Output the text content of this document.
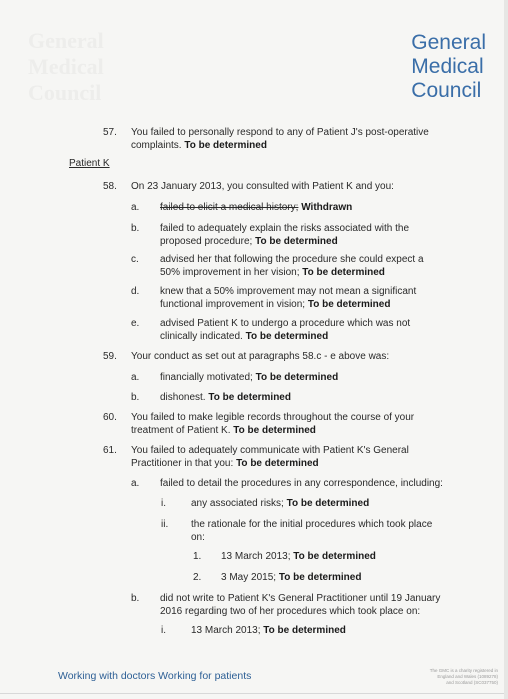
General
Medical
Council
General
Medical
Council
57.	You failed to personally respond to any of Patient J's post-operative
complaints. To be determined
Patient K
58.	On 23 January 2013, you consulted with Patient K and you:
a.	failed to elicit a medical history; Withdrawn
b.	failed to adequately explain the risks associated with the
proposed procedure; To be determined
c.	advised her that following the procedure she could expect a
50% improvement in her vision; To be determined
d.	knew that a 50% improvement may not mean a significant
functional improvement in vision; To be determined
e.	advised Patient K to undergo a procedure which was not
clinically indicated. To be determined
59.	Your conduct as set out at paragraphs 58.c - e above was:
a.	financially motivated; To be determined
b.	dishonest. To be determined
60.	You failed to make legible records throughout the course of your
treatment of Patient K. To be determined
61.	You failed to adequately communicate with Patient K's General
Practitioner in that you: To be determined
a.	failed to detail the procedures in any correspondence, including:
i.	any associated risks; To be determined
ii.	the rationale for the initial procedures which took place
on:
1.	13 March 2013; To be determined
2.	3 May 2015; To be determined
b.	did not write to Patient K's General Practitioner until 19 January
2016 regarding two of her procedures which took place on:
i.	13 March 2013; To be determined
Working with doctors Working for patients	The GMC is a charity registered in
England and Wales (1089278)
and Scotland (SC037750)
